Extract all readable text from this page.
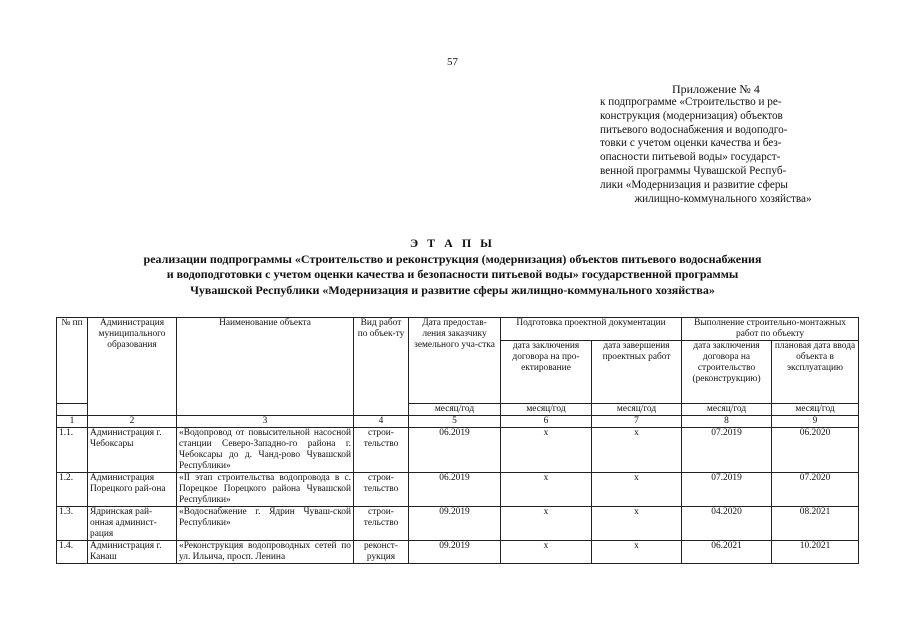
57
Приложение № 4
к подпрограмме «Строительство и ре-
конструкция (модернизация) объектов
питьевого водоснабжения и водоподго-
товки с учетом оценки качества и без-
опасности питьевой воды» государст-
венной программы Чувашской Респуб-
лики «Модернизация и развитие сферы
жилищно-коммунального хозяйства»
Э Т А П Ы
реализации подпрограммы «Строительство и реконструкция (модернизация) объектов питьевого водоснабжения
и водоподготовки с учетом оценки качества и безопасности питьевой воды» государственной программы
Чувашской Республики «Модернизация и развитие сферы жилищно-коммунального хозяйства»
№ пп	Администрация муниципального образования	Наименование объекта	Вид работ по объек-ту	Дата предостав-ления заказчику земельного уча-стка	Подготовка проектной документации		Выполнение строительно-монтажных работ по объекту	
					дата заключения договора на про-ектирование	дата завершения проектных работ	дата заключения договора на строительство (реконструкцию)	плановая дата ввода объекта в эксплуатацию
				месяц/год	месяц/год	месяц/год	месяц/год	месяц/год
1	2	3	4	5	6	7	8	9
1.1.	Администрация г. Чебоксары	«Водопровод от повысительной насосной станции Северо-Западно-го района г. Чебоксары до д. Чанд-рово Чувашской Республики»	строи-тельство	06.2019	х	х	07.2019	06.2020
1.2.	Администрация Порецкого рай-она	«II этап строительства водопровода в с. Порецкое Порецкого района Чувашской Республики»	строи-тельство	06.2019	х	х	07.2019	07.2020
1.3.	Ядринская рай-онная админист-рация	«Водоснабжение г. Ядрин Чуваш-ской Республики»	строи-тельство	09.2019	х	х	04.2020	08.2021
1.4.	Администрация г. Канаш	«Реконструкция водопроводных сетей по ул. Ильича, просп. Ленина	реконст-рукция	09.2019	х	х	06.2021	10.2021
